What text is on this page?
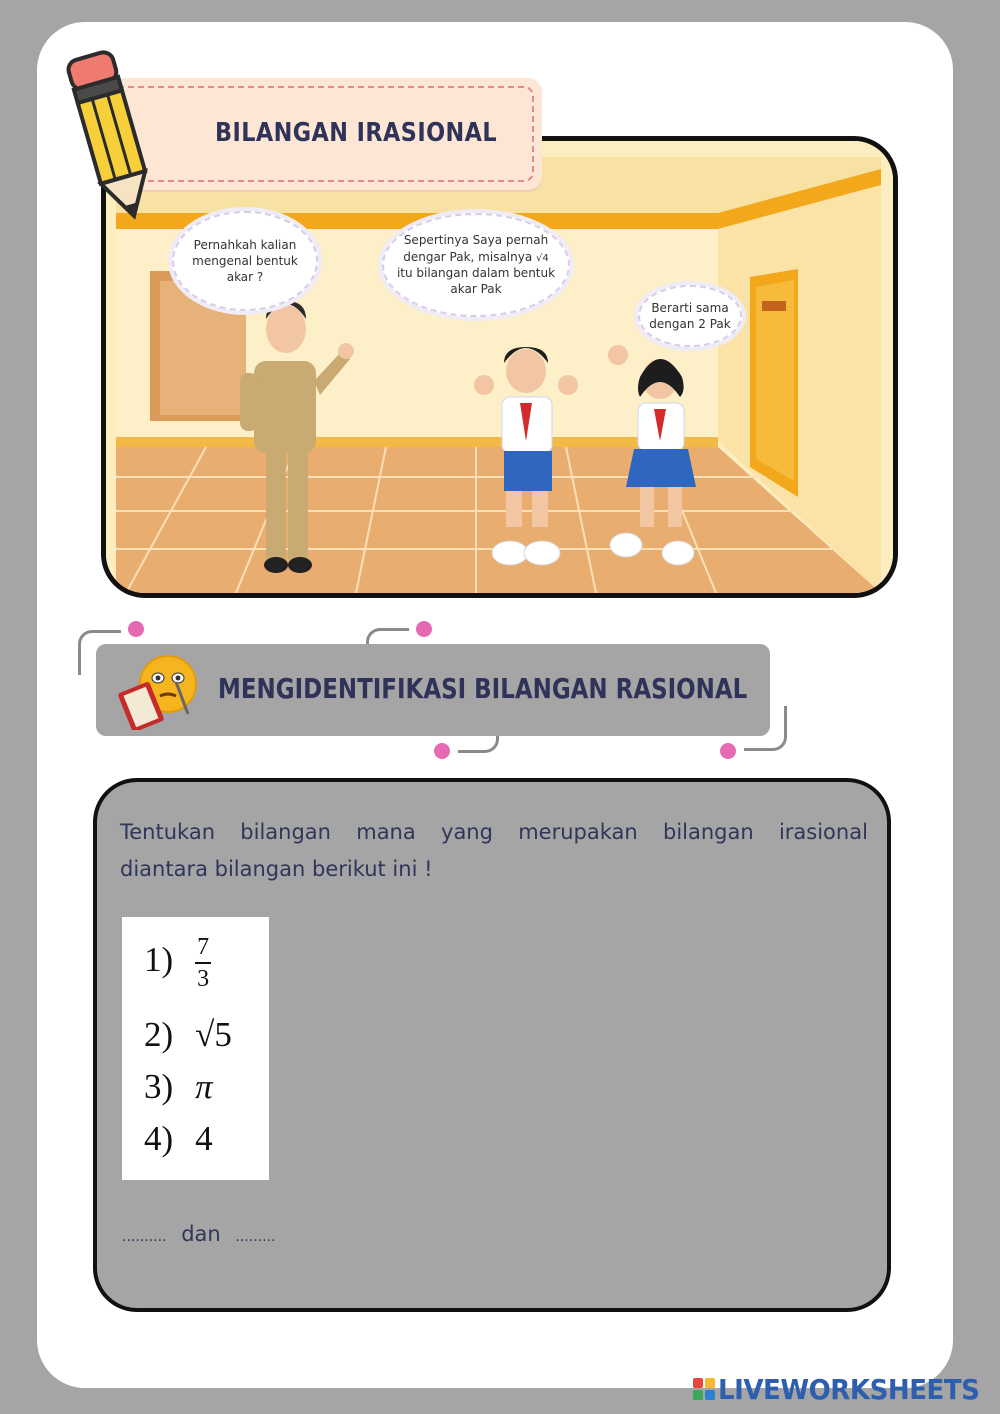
Pernahkah kalian mengenal bentuk akar ?
Sepertinya Saya pernah
dengar Pak, misalnya √4
itu bilangan dalam bentuk
akar Pak
Berarti sama dengan 2 Pak
BILANGAN IRASIONAL
MENGIDENTIFIKASI BILANGAN RASIONAL
Tentukan bilangan mana yang merupakan bilangan irasional
diantara bilangan berikut ini !
$1) \frac{7}{3}$
2) √5
3) π
4) 4
.......... dan .........
LIVEWORKSHEETS
